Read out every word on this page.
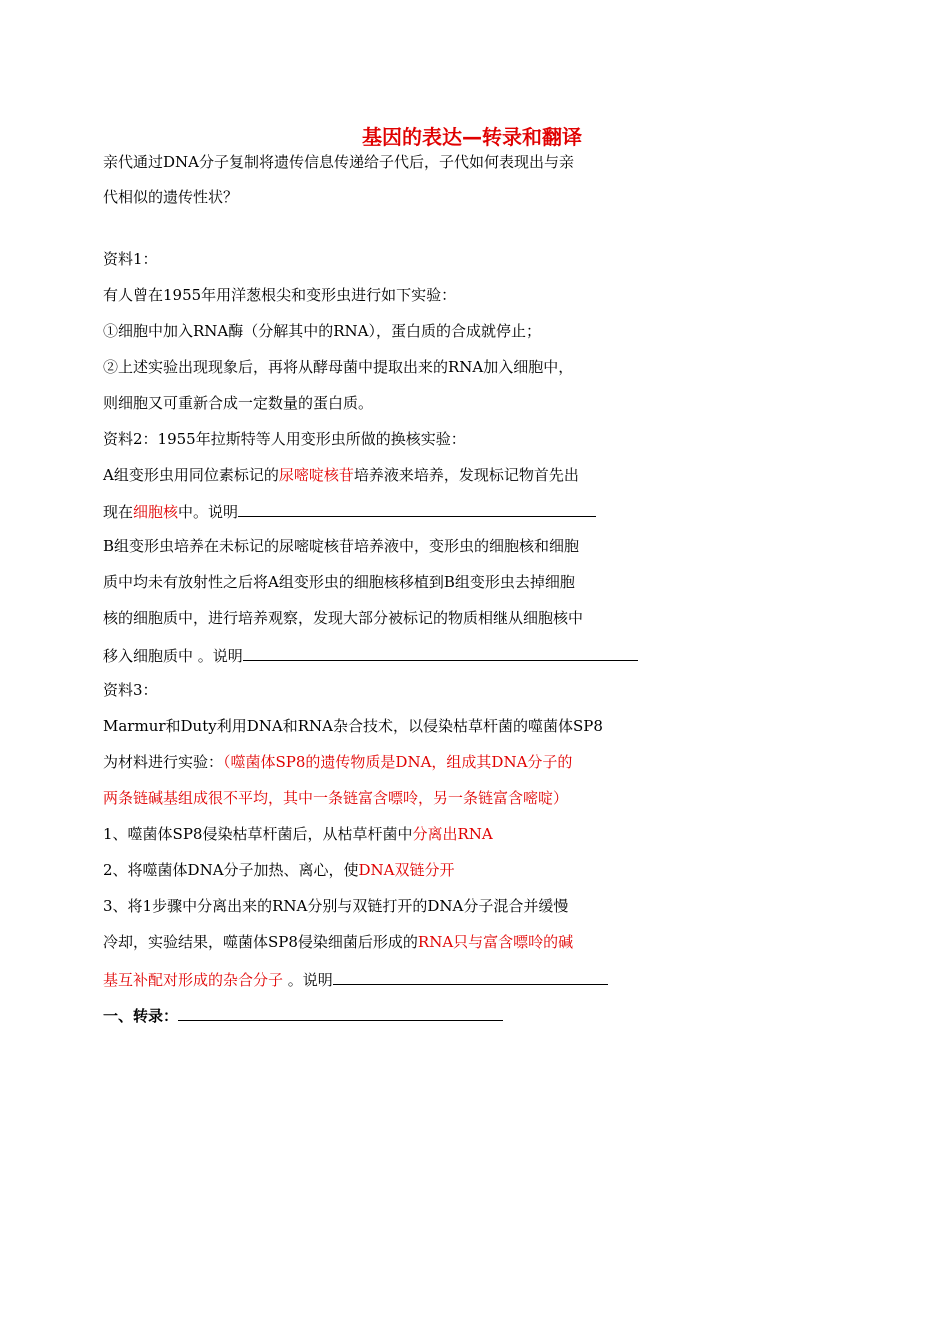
基因的表达—转录和翻译
亲代通过DNA分子复制将遗传信息传递给子代后，子代如何表现出与亲
代相似的遗传性状？
资料1：
有人曾在1955年用洋葱根尖和变形虫进行如下实验：
①细胞中加入RNA酶（分解其中的RNA），蛋白质的合成就停止；
②上述实验出现现象后，再将从酵母菌中提取出来的RNA加入细胞中，
则细胞又可重新合成一定数量的蛋白质。
资料2：1955年拉斯特等人用变形虫所做的换核实验：
A组变形虫用同位素标记的尿嘧啶核苷培养液来培养，发现标记物首先出
现在细胞核中。说明
B组变形虫培养在未标记的尿嘧啶核苷培养液中，变形虫的细胞核和细胞
质中均未有放射性之后将A组变形虫的细胞核移植到B组变形虫去掉细胞
核的细胞质中，进行培养观察，发现大部分被标记的物质相继从细胞核中
移入细胞质中 。说明
资料3：
Marmur和Duty利用DNA和RNA杂合技术，以侵染枯草杆菌的噬菌体SP8
为材料进行实验：（噬菌体SP8的遗传物质是DNA，组成其DNA分子的
两条链碱基组成很不平均，其中一条链富含嘌呤，另一条链富含嘧啶）
1、噬菌体SP8侵染枯草杆菌后，从枯草杆菌中分离出RNA
2、将噬菌体DNA分子加热、离心，使DNA双链分开
3、将1步骤中分离出来的RNA分别与双链打开的DNA分子混合并缓慢
冷却，实验结果，噬菌体SP8侵染细菌后形成的RNA只与富含嘌呤的碱
基互补配对形成的杂合分子 。说明
一、转录：
